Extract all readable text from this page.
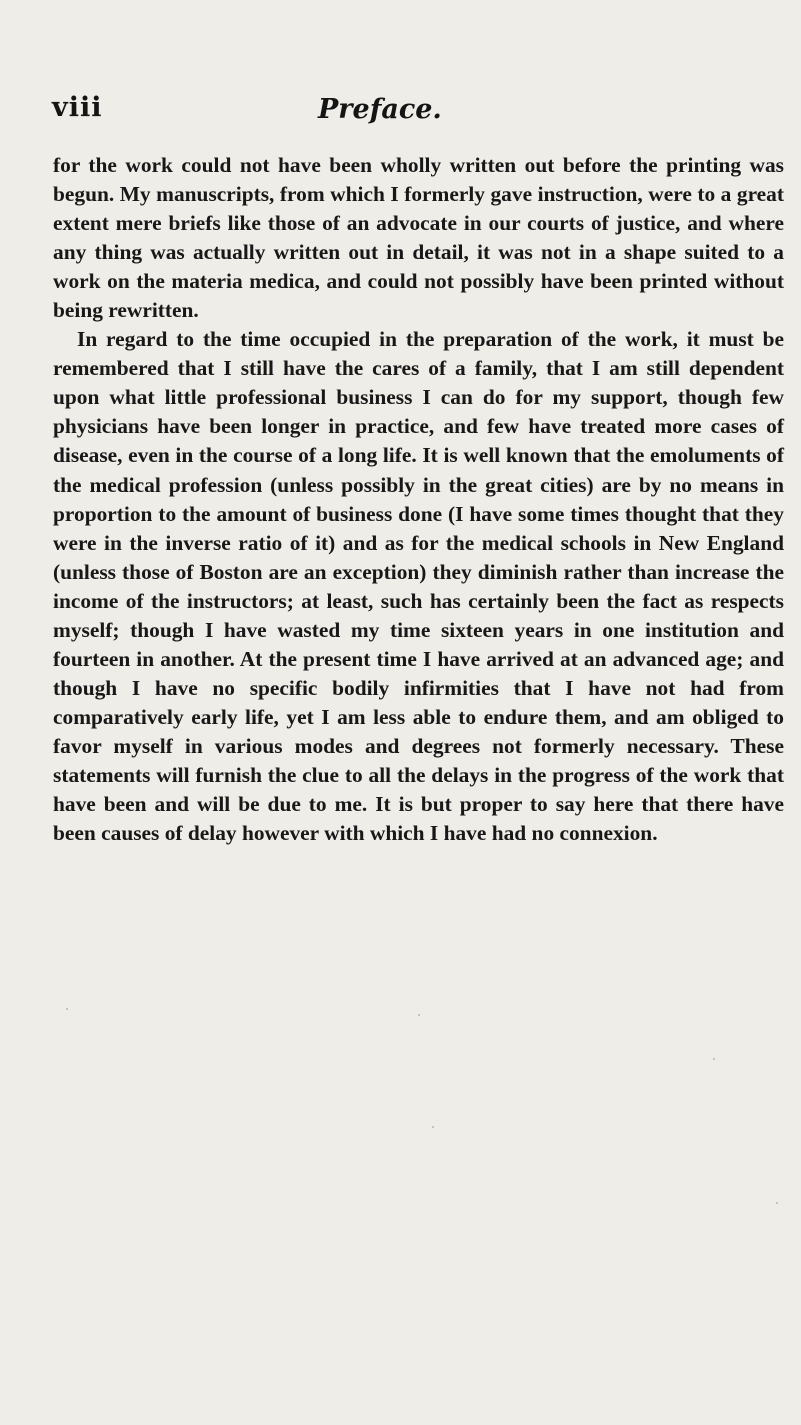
viii	Preface.

for the work could not have been wholly written out before the printing was begun. My manuscripts, from which I formerly gave instruction, were to a great extent mere briefs like those of an advocate in our courts of justice, and where any thing was actually written out in detail, it was not in a shape suited to a work on the materia medica, and could not possibly have been printed without being rewritten.

In regard to the time occupied in the preparation of the work, it must be remembered that I still have the cares of a family, that I am still dependent upon what little professional business I can do for my support, though few physicians have been longer in practice, and few have treated more cases of disease, even in the course of a long life. It is well known that the emoluments of the medical profession (unless possibly in the great cities) are by no means in proportion to the amount of business done (I have some times thought that they were in the inverse ratio of it) and as for the medical schools in New England (unless those of Boston are an exception) they diminish rather than increase the income of the instructors; at least, such has certainly been the fact as respects myself; though I have wasted my time sixteen years in one institution and fourteen in another. At the present time I have arrived at an advanced age; and though I have no specific bodily infirmities that I have not had from comparatively early life, yet I am less able to endure them, and am obliged to favor myself in various modes and degrees not formerly necessary. These statements will furnish the clue to all the delays in the progress of the work that have been and will be due to me. It is but proper to say here that there have been causes of delay however with which I have had no connexion.
